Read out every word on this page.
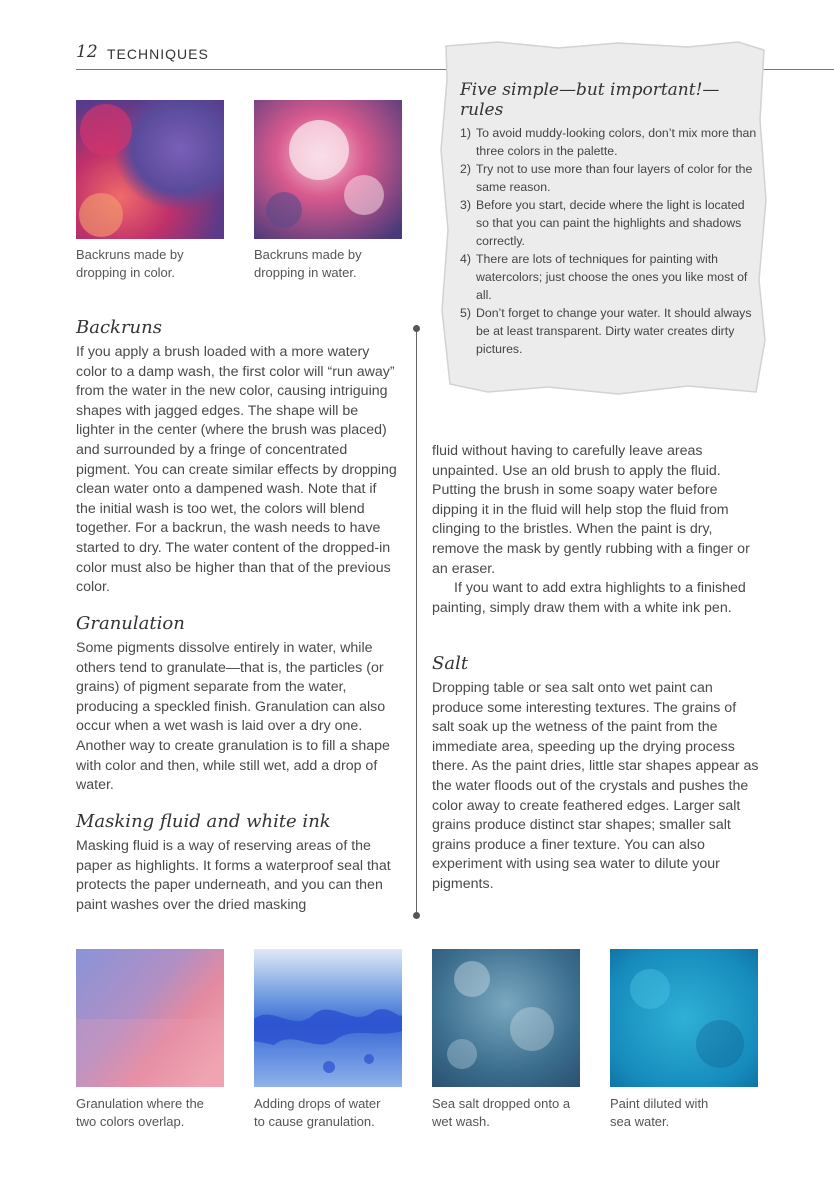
12 TECHNIQUES
Backruns made by
dropping in color.
Backruns made by
dropping in water.
Five simple—but important!—rules
1) To avoid muddy-looking colors, don’t mix more than three colors in the palette.
2) Try not to use more than four layers of color for the same reason.
3) Before you start, decide where the light is located so that you can paint the highlights and shadows correctly.
4) There are lots of techniques for painting with watercolors; just choose the ones you like most of all.
5) Don’t forget to change your water. It should always be at least transparent. Dirty water creates dirty pictures.
Backruns

If you apply a brush loaded with a more watery color to a damp wash, the first color will “run away” from the water in the new color, causing intriguing shapes with jagged edges. The shape will be lighter in the center (where the brush was placed) and surrounded by a fringe of concentrated pigment. You can create similar effects by dropping clean water onto a dampened wash. Note that if the initial wash is too wet, the colors will blend together. For a backrun, the wash needs to have started to dry. The water content of the dropped-in color must also be higher than that of the previous color.

Granulation

Some pigments dissolve entirely in water, while others tend to granulate—that is, the particles (or grains) of pigment separate from the water, producing a speckled finish. Granulation can also occur when a wet wash is laid over a dry one. Another way to create granulation is to fill a shape with color and then, while still wet, add a drop of water.

Masking fluid and white ink

Masking fluid is a way of reserving areas of the paper as highlights. It forms a waterproof seal that protects the paper underneath, and you can then paint washes over the dried masking

fluid without having to carefully leave areas unpainted. Use an old brush to apply the fluid. Putting the brush in some soapy water before dipping it in the fluid will help stop the fluid from clinging to the bristles. When the paint is dry, remove the mask by gently rubbing with a finger or an eraser.

If you want to add extra highlights to a finished painting, simply draw them with a white ink pen.

Salt

Dropping table or sea salt onto wet paint can produce some interesting textures. The grains of salt soak up the wetness of the paint from the immediate area, speeding up the drying process there. As the paint dries, little star shapes appear as the water floods out of the crystals and pushes the color away to create feathered edges. Larger salt grains produce distinct star shapes; smaller salt grains produce a finer texture. You can also experiment with using sea water to dilute your pigments.

Granulation where the
two colors overlap.
Adding drops of water
to cause granulation.
Sea salt dropped onto a
wet wash.
Paint diluted with
sea water.
